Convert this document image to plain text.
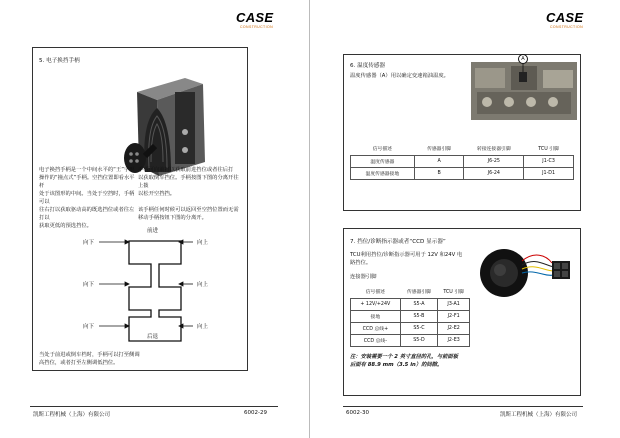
CASE
CONSTRUCTION
5. 电子换挡手柄
电子换挡手柄是一个中间水平的“王”字形
操作的“撞点式”手柄。空挡位置即看水平杆
处于该图形的中间。当处于空挡时，手柄可以
往右打以获取驱动高的既选挡位或者往左打以
获取更低的预选挡位。
手柄可向前打以获取前进挡位或者往后打
以获取倒车挡位。手柄按图下图的分离开往上拨
以松开空挡挡。
该手柄任何时候可以返回至空挡位置而无需
移动手柄按钮下图的分离开。
前进
后退
向下
向下
向下
向上
向上
向上
当处于前进或倒车档时，手柄可以打至侧调
高挡位，或者打至左侧调低挡位。
凯斯工程机械（上海）有限公司	6002-29
CASE
CONSTRUCTION
6. 温度传感器
温度传感器（A）用以确定变速箱油温度。
A
信号描述	传感器引脚	转接连接器引脚	TCU 引脚
温度传感器	A	J6-25	J1-C3
温度传感器接地	B	J6-24	J1-D1
7. 挡位/诊断指示器或者“CCD 显示器”
TCU利用挡位/诊断指示器可用于 12V 和24V 电
路挡位。
连接器引脚
信号描述	传感器引脚	TCU 引脚
+ 12V/+24V	S5-A	J3-A1
接地	S5-B	J2-F1
CCD 总线+	S5-C	J2-E2
CCD 总线-	S5-D	J2-E3
注：安装需要一个 2 英寸直径的孔，与前面板
后面有 88.9 mm（3.5 in）的间隙。
6002-30	凯斯工程机械（上海）有限公司
